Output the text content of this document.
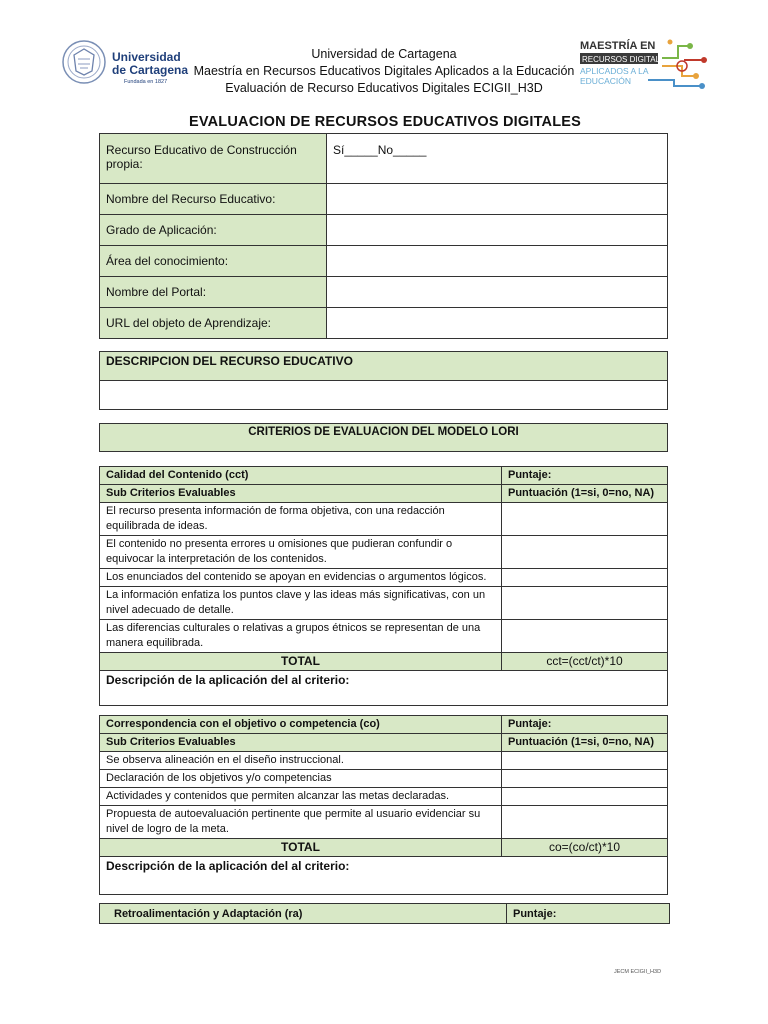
Universidad
de Cartagena
Fundada en 1827
Universidad de Cartagena
Maestría en Recursos Educativos Digitales Aplicados a la Educación
Evaluación de Recurso Educativos Digitales ECIGII_H3D
MAESTRÍA EN
RECURSOS DIGITALES
APLICADOS A LA
EDUCACIÓN
EVALUACION DE RECURSOS EDUCATIVOS DIGITALES
Recurso Educativo de Construcción propia:	Sí_____No_____
Nombre del Recurso Educativo:	
Grado de Aplicación:	
Área del conocimiento:	
Nombre del Portal:	
URL del objeto de Aprendizaje:	
DESCRIPCION DEL RECURSO EDUCATIVO

CRITERIOS DE EVALUACION DEL MODELO LORI
Calidad del Contenido (cct)	Puntaje:
Sub Criterios Evaluables	Puntuación (1=si, 0=no, NA)
El recurso presenta información de forma objetiva, con una redacción equilibrada de ideas.	
El contenido no presenta errores u omisiones que pudieran confundir o equivocar la interpretación de los contenidos.	
Los enunciados del contenido se apoyan en evidencias o argumentos lógicos.	
La información enfatiza los puntos clave y las ideas más significativas, con un nivel adecuado de detalle.	
Las diferencias culturales o relativas a grupos étnicos se representan de una manera equilibrada.	
TOTAL	cct=(cct/ct)*10
Descripción de la aplicación del al criterio:	
Correspondencia con el objetivo o competencia (co)	Puntaje:
Sub Criterios Evaluables	Puntuación (1=si, 0=no, NA)
Se observa alineación en el diseño instruccional.	
Declaración de los objetivos y/o competencias	
Actividades y contenidos que permiten alcanzar las metas declaradas.	
Propuesta de autoevaluación pertinente que permite al usuario evidenciar su nivel de logro de la meta.	
TOTAL	co=(co/ct)*10
Descripción de la aplicación del al criterio:	
Retroalimentación y Adaptación (ra)	Puntaje:
JECM ECIGII_H3D
